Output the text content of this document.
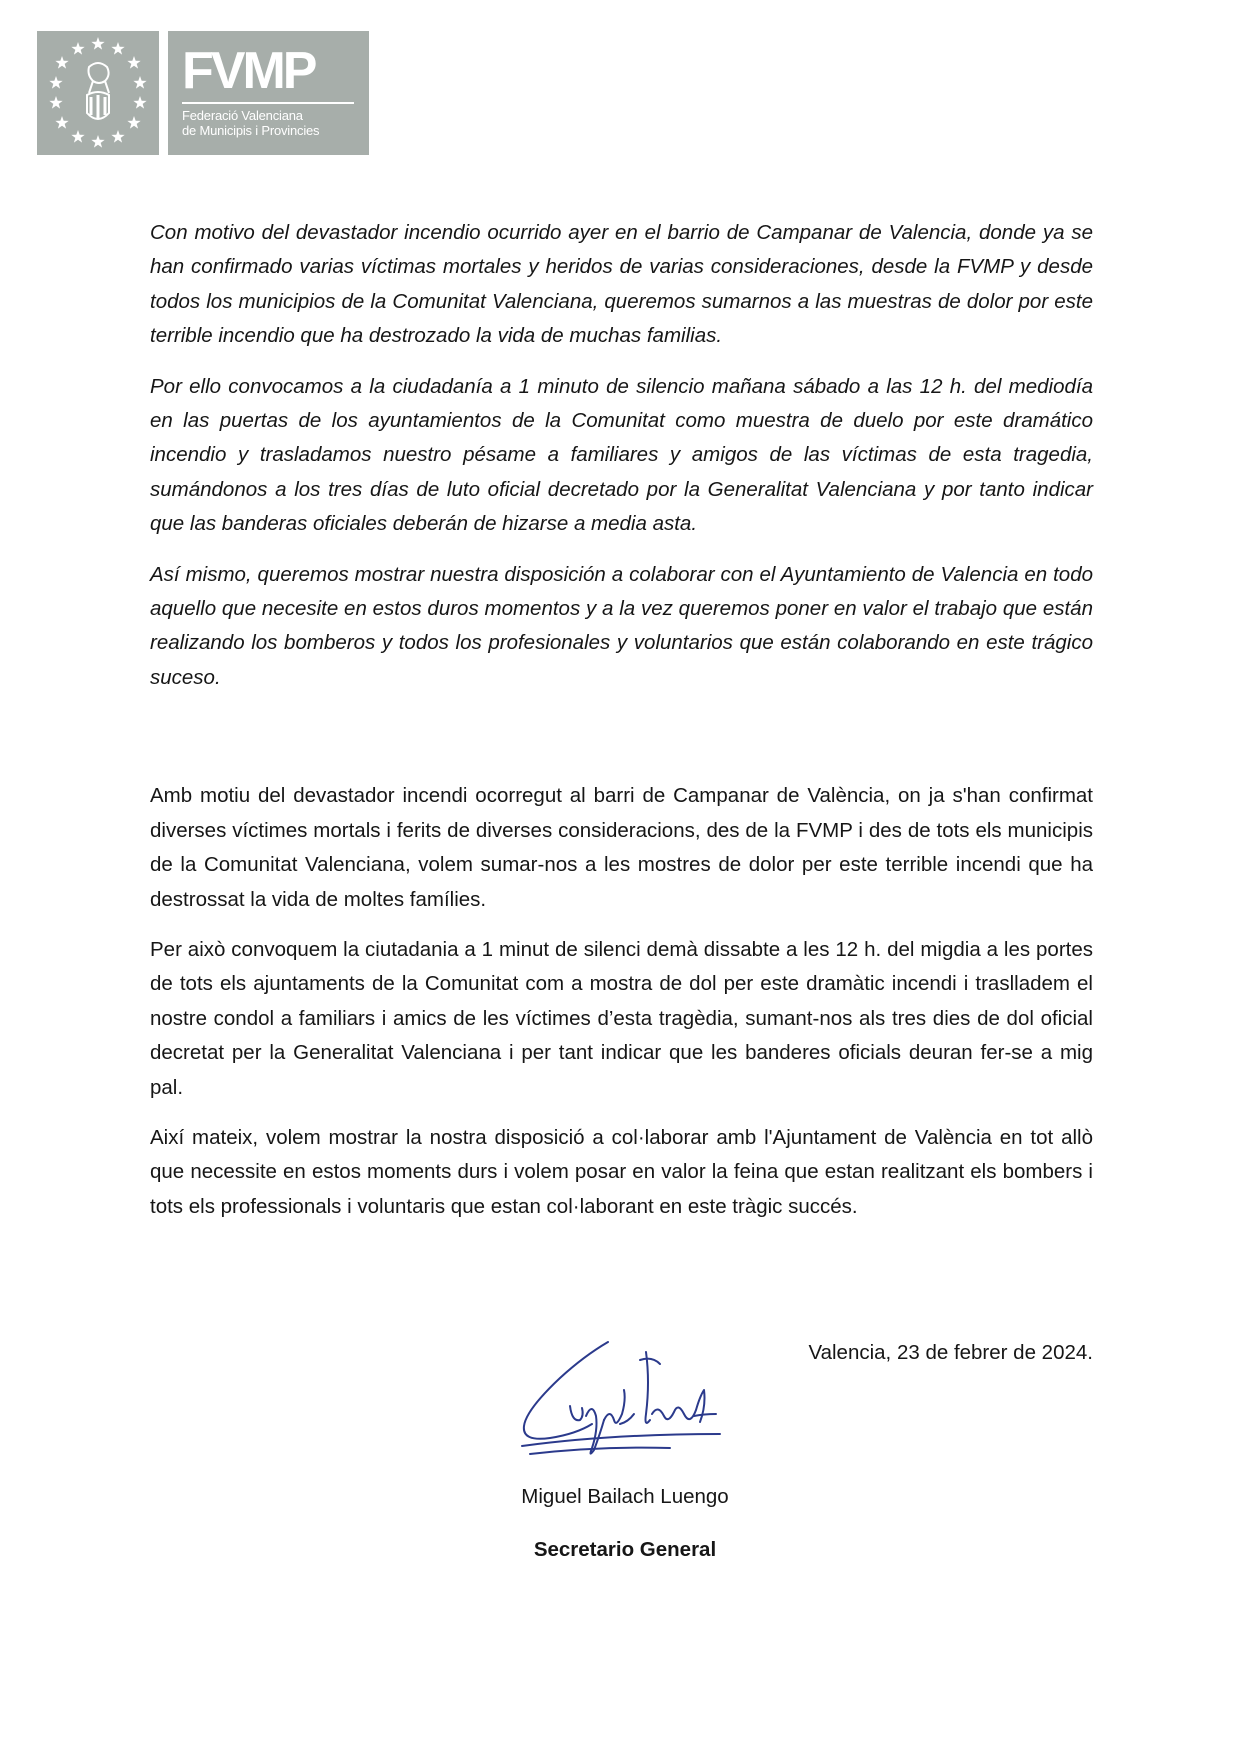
FVMP
Federació Valenciana
de Municipis i Provincies

Con motivo del devastador incendio ocurrido ayer en el barrio de Campanar de Valencia, donde ya se han confirmado varias víctimas mortales y heridos de varias consideraciones, desde la FVMP y desde todos los municipios de la Comunitat Valenciana, queremos sumarnos a las muestras de dolor por este terrible incendio que ha destrozado la vida de muchas familias.

Por ello convocamos a la ciudadanía a 1 minuto de silencio mañana sábado a las 12 h. del mediodía en las puertas de los ayuntamientos de la Comunitat como muestra de duelo por este dramático incendio y trasladamos nuestro pésame a familiares y amigos de las víctimas de esta tragedia, sumándonos a los tres días de luto oficial decretado por la Generalitat Valenciana y por tanto indicar que las banderas oficiales deberán de hizarse a media asta.

Así mismo, queremos mostrar nuestra disposición a colaborar con el Ayuntamiento de Valencia en todo aquello que necesite en estos duros momentos y a la vez queremos poner en valor el trabajo que están realizando los bomberos y todos los profesionales y voluntarios que están colaborando en este trágico suceso.

Amb motiu del devastador incendi ocorregut al barri de Campanar de València, on ja s'han confirmat diverses víctimes mortals i ferits de diverses consideracions, des de la FVMP i des de tots els municipis de la Comunitat Valenciana, volem sumar-nos a les mostres de dolor per este terrible incendi que ha destrossat la vida de moltes famílies.

Per això convoquem la ciutadania a 1 minut de silenci demà dissabte a les 12 h. del migdia a les portes de tots els ajuntaments de la Comunitat com a mostra de dol per este dramàtic incendi i traslladem el nostre condol a familiars i amics de les víctimes d’esta tragèdia, sumant-nos als tres dies de dol oficial decretat per la Generalitat Valenciana i per tant indicar que les banderes oficials deuran fer-se a mig pal.

Així mateix, volem mostrar la nostra disposició a col·laborar amb l'Ajuntament de València en tot allò que necessite en estos moments durs i volem posar en valor la feina que estan realitzant els bombers i tots els professionals i voluntaris que estan col·laborant en este tràgic succés.

Valencia, 23 de febrer de 2024.
Miguel Bailach Luengo
Secretario General
